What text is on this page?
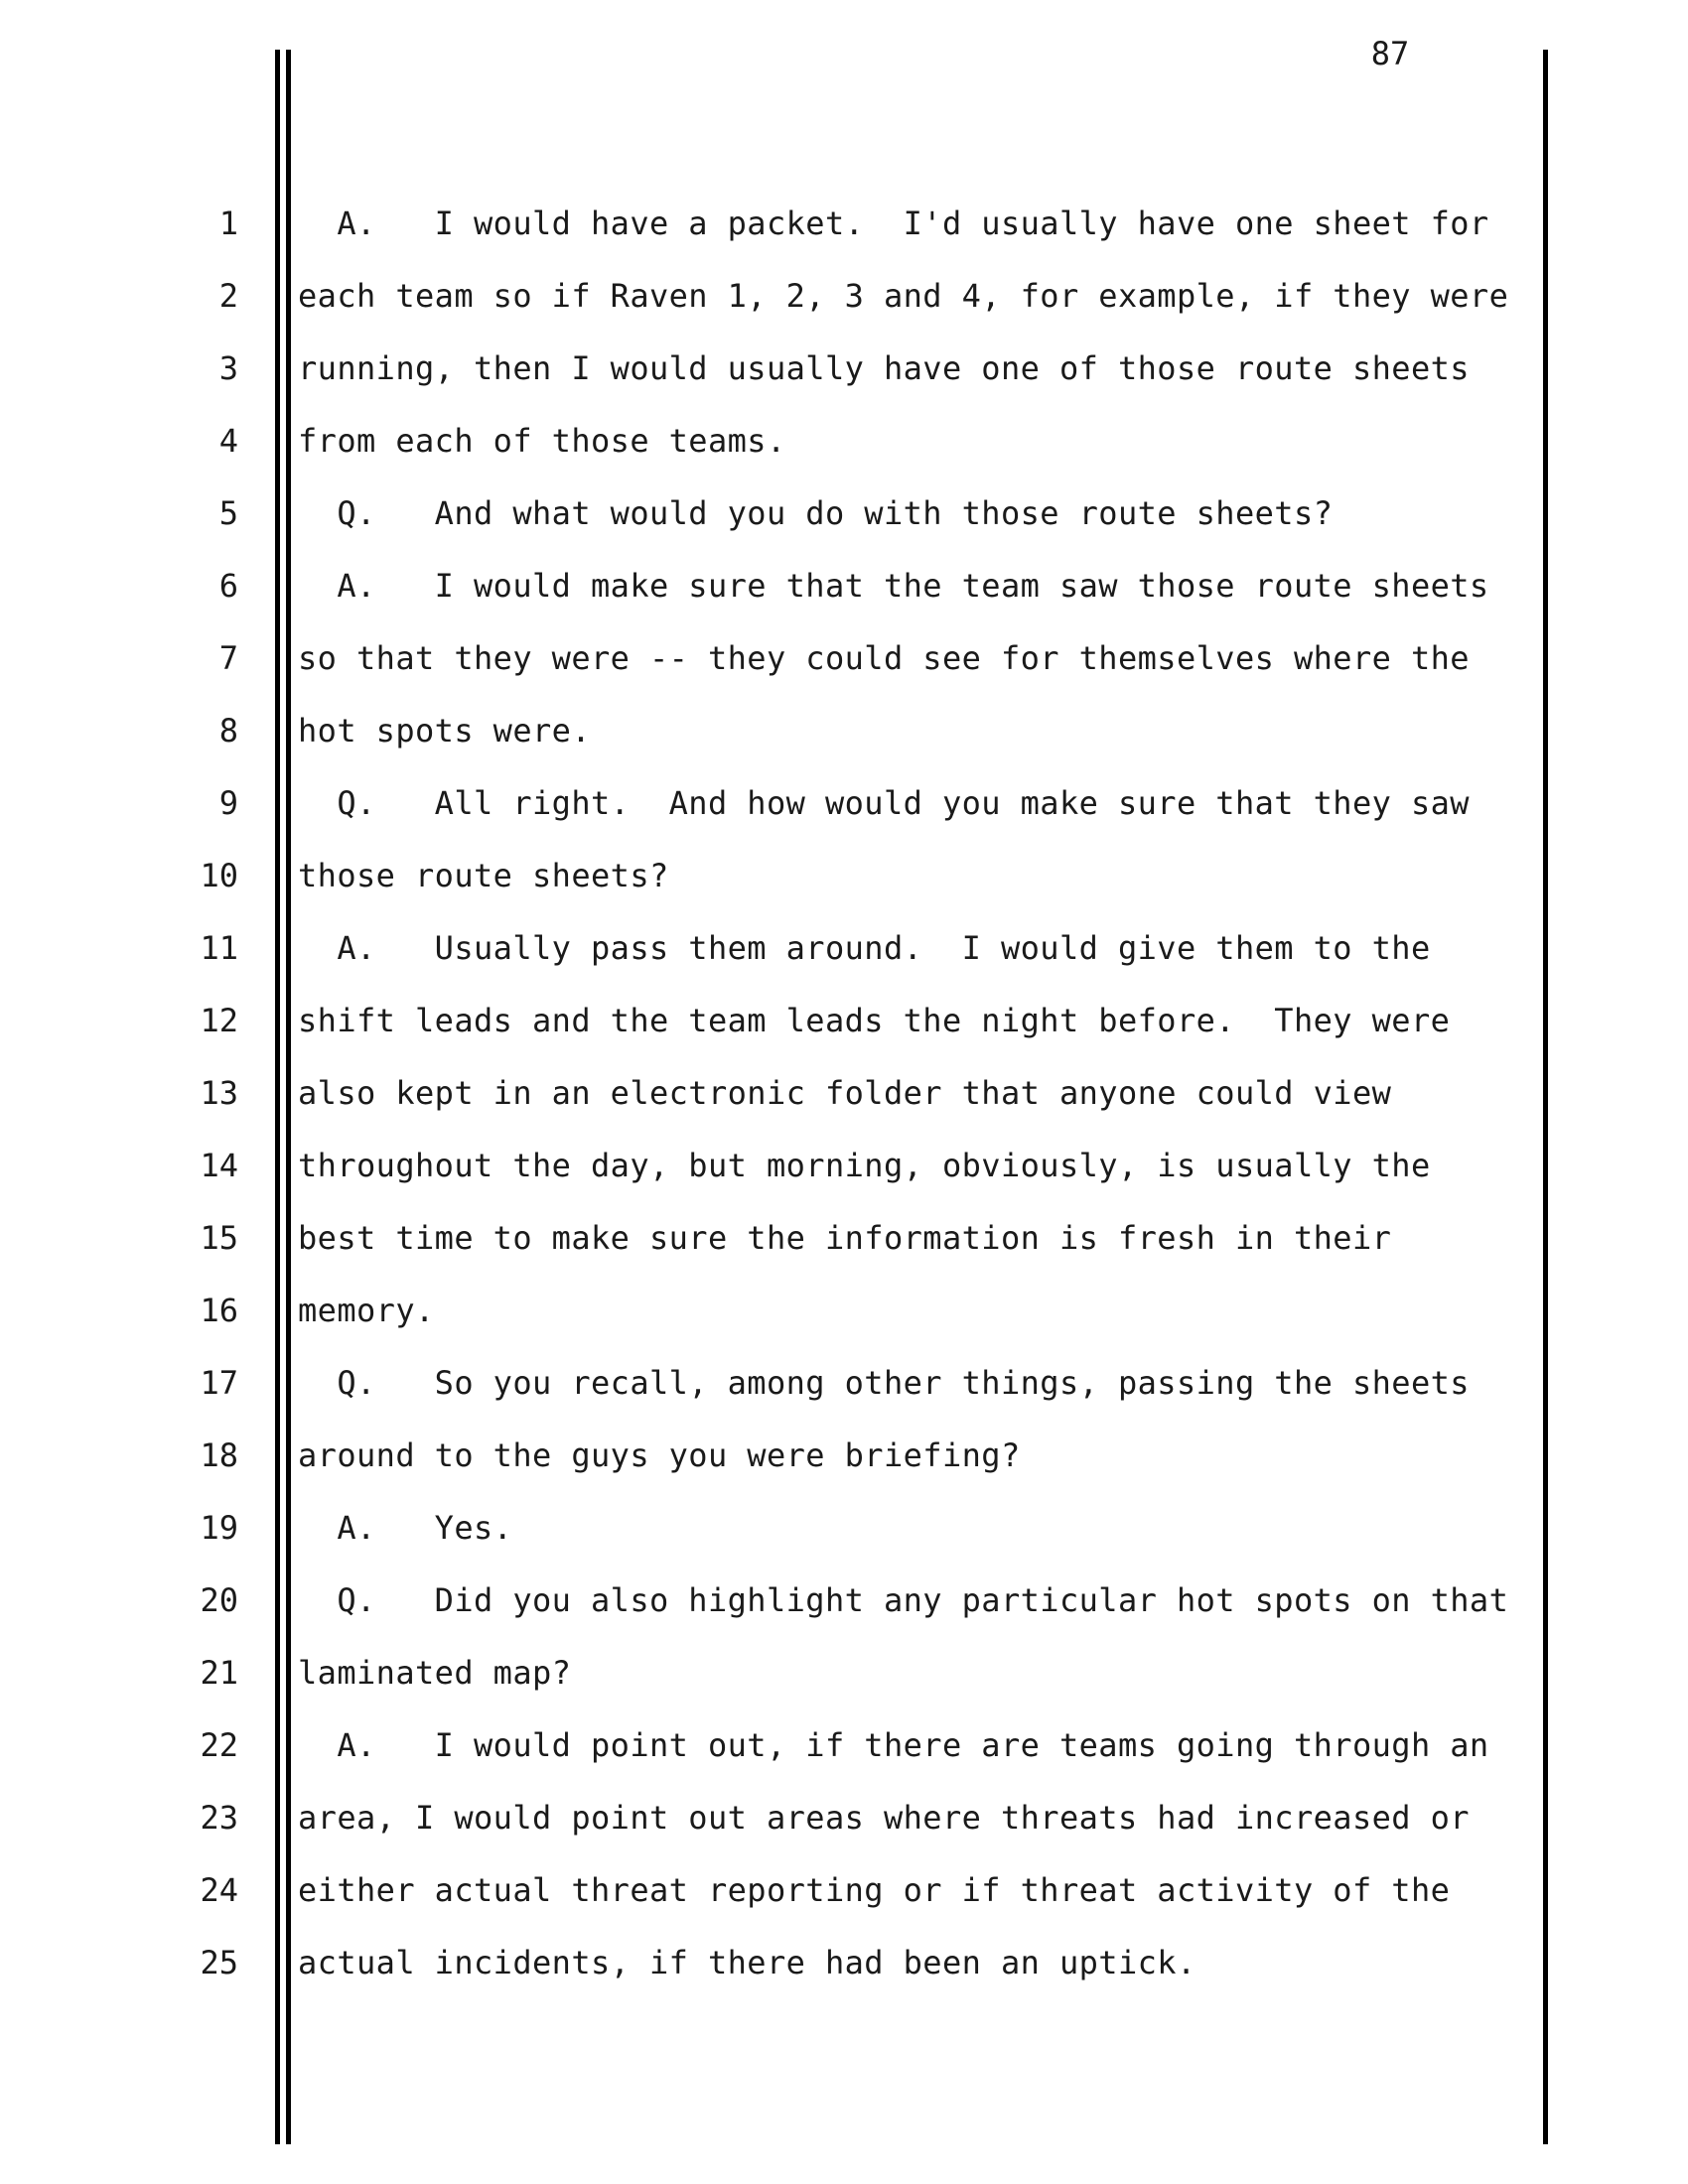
87
1 A.   I would have a packet.  I'd usually have one sheet for
2 each team so if Raven 1, 2, 3 and 4, for example, if they were
3 running, then I would usually have one of those route sheets
4 from each of those teams.
5 Q.   And what would you do with those route sheets?
6 A.   I would make sure that the team saw those route sheets
7 so that they were -- they could see for themselves where the
8 hot spots were.
9 Q.   All right.  And how would you make sure that they saw
10 those route sheets?
11 A.   Usually pass them around.  I would give them to the
12 shift leads and the team leads the night before.  They were
13 also kept in an electronic folder that anyone could view
14 throughout the day, but morning, obviously, is usually the
15 best time to make sure the information is fresh in their
16 memory.
17 Q.   So you recall, among other things, passing the sheets
18 around to the guys you were briefing?
19 A.   Yes.
20 Q.   Did you also highlight any particular hot spots on that
21 laminated map?
22 A.   I would point out, if there are teams going through an
23 area, I would point out areas where threats had increased or
24 either actual threat reporting or if threat activity of the
25 actual incidents, if there had been an uptick.
